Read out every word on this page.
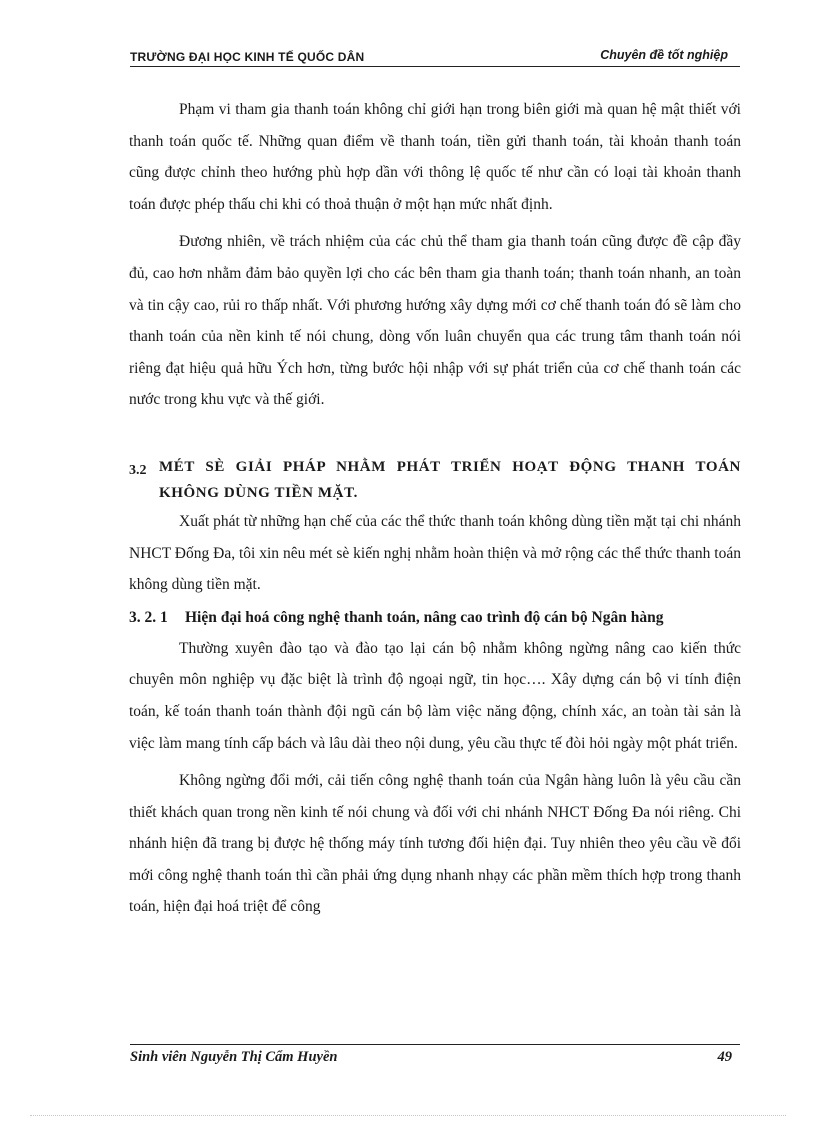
TRƯỜNG ĐẠI HỌC KINH TẾ QUỐC DÂN	Chuyên đề tốt nghiệp

Phạm vi tham gia thanh toán không chỉ giới hạn trong biên giới mà quan hệ mật thiết với thanh toán quốc tế. Những quan điểm về thanh toán, tiền gửi thanh toán, tài khoản thanh toán cũng được chỉnh theo hướng phù hợp dần với thông lệ quốc tế như cần có loại tài khoản thanh toán được phép thấu chi khi có thoả thuận ở một hạn mức nhất định.

Đương nhiên, về trách nhiệm của các chủ thể tham gia thanh toán cũng được đề cập đầy đủ, cao hơn nhằm đảm bảo quyền lợi cho các bên tham gia thanh toán; thanh toán nhanh, an toàn và tin cậy cao, rủi ro thấp nhất. Với phương hướng xây dựng mới cơ chế thanh toán đó sẽ làm cho thanh toán của nền kinh tế nói chung, dòng vốn luân chuyển qua các trung tâm thanh toán nói riêng đạt hiệu quả hữu Ých hơn, từng bước hội nhập với sự phát triển của cơ chế thanh toán các nước trong khu vực và thế giới.

3.2 MÉT SÈ GIẢI PHÁP NHẰM PHÁT TRIỂN HOẠT ĐỘNG THANH TOÁN KHÔNG DÙNG TIỀN MẶT.

Xuất phát từ những hạn chế của các thể thức thanh toán không dùng tiền mặt tại chi nhánh NHCT Đống Đa, tôi xin nêu mét sè kiến nghị nhằm hoàn thiện và mở rộng các thể thức thanh toán không dùng tiền mặt.

3. 2. 1 Hiện đại hoá công nghệ thanh toán, nâng cao trình độ cán bộ Ngân hàng

Thường xuyên đào tạo và đào tạo lại cán bộ nhằm không ngừng nâng cao kiến thức chuyên môn nghiệp vụ đặc biệt là trình độ ngoại ngữ, tin học…. Xây dựng cán bộ vi tính điện toán, kế toán thanh toán thành đội ngũ cán bộ làm việc năng động, chính xác, an toàn tài sản là việc làm mang tính cấp bách và lâu dài theo nội dung, yêu cầu thực tế đòi hỏi ngày một phát triển.

Không ngừng đổi mới, cải tiến công nghệ thanh toán của Ngân hàng luôn là yêu cầu cần thiết khách quan trong nền kinh tế nói chung và đối với chi nhánh NHCT Đống Đa nói riêng. Chi nhánh hiện đã trang bị được hệ thống máy tính tương đối hiện đại. Tuy nhiên theo yêu cầu về đổi mới công nghệ thanh toán thì cần phải ứng dụng nhanh nhạy các phần mềm thích hợp trong thanh toán, hiện đại hoá triệt để công

Sinh viên Nguyễn Thị Cẩm Huyền	49
